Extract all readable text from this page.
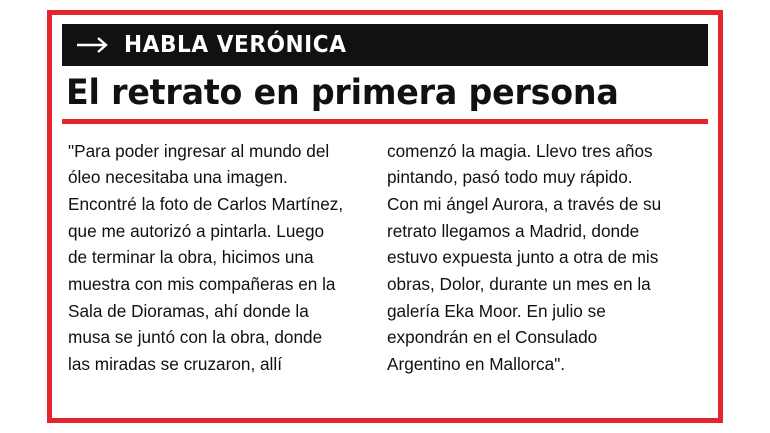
HABLA VERÓNICA
El retrato en primera persona
"Para poder ingresar al mundo del óleo necesitaba una imagen. Encontré la foto de Carlos Martínez, que me autorizó a pintarla. Luego de terminar la obra, hicimos una muestra con mis compañeras en la Sala de Dioramas, ahí donde la musa se juntó con la obra, donde las miradas se cruzaron, allí
comenzó la magia. Llevo tres años pintando, pasó todo muy rápido. Con mi ángel Aurora, a través de su retrato llegamos a Madrid, donde estuvo expuesta junto a otra de mis obras, Dolor, durante un mes en la galería Eka Moor. En julio se expondrán en el Consulado Argentino en Mallorca".
